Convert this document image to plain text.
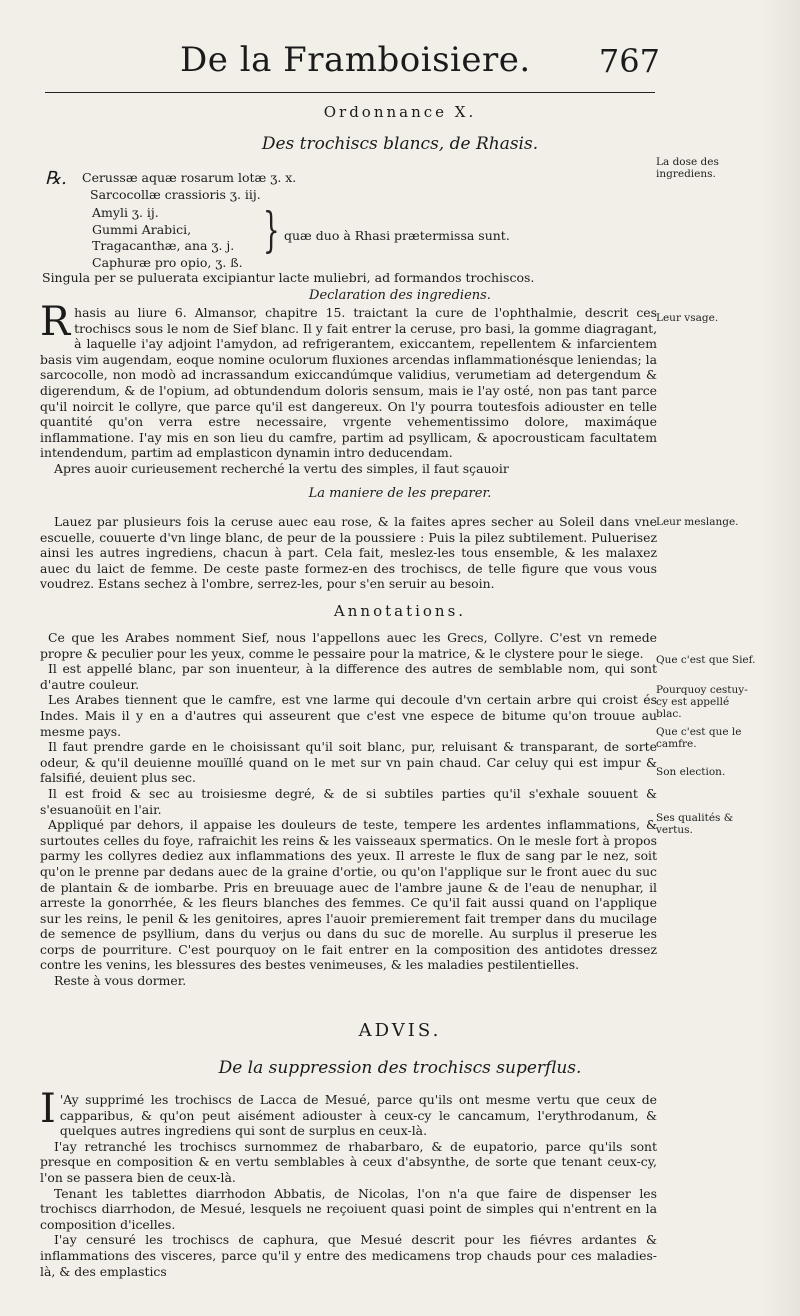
De la Framboisiere. 767
Ordonnance X.
Des trochiscs blancs, de Rhasis.
℞. Cerussæ aquæ rosarum lotæ ʒ. x.
Sarcocollæ crassioris ʒ. iij.
Amyli ʒ. ij.
Gummi Arabici,
Tragacanthæ, ana ʒ. j.
Caphuræ pro opio, ʒ. ß.
} quæ duo à Rhasi prætermissa sunt.
Singula per se puluerata excipiantur lacte muliebri, ad formandos trochiscos.
Declaration des ingrediens.

Rhasis au liure 6. Almansor, chapitre 15. traictant la cure de l'ophthalmie, descrit ces trochiscs sous le nom de Sief blanc. Il y fait entrer la ceruse, pro basi, la gomme diagragant, à laquelle i'ay adjoint l'amydon, ad refrigerantem, exiccantem, repellentem & infarcientem basis vim augendam, eoque nomine oculorum fluxiones arcendas inflammationésque leniendas; la sarcocolle, non modò ad incrassandum exiccandúmque validius, verumetiam ad detergendum & digerendum, & de l'opium, ad obtundendum doloris sensum, mais ie l'ay osté, non pas tant parce qu'il noircit le collyre, que parce qu'il est dangereux. On l'y pourra toutesfois adiouster en telle quantité qu'on verra estre necessaire, vrgente vehementissimo dolore, maximáque inflammatione. I'ay mis en son lieu du camfre, partim ad psyllicam, & apocrousticam facultatem intendendum, partim ad emplasticon dynamin intro deducendam.

Apres auoir curieusement recherché la vertu des simples, il faut sçauoir

La maniere de les preparer.
Lauez par plusieurs fois la ceruse auec eau rose, & la faites apres secher au Soleil dans vne escuelle, couuerte d'vn linge blanc, de peur de la poussiere : Puis la pilez subtilement. Puluerisez ainsi les autres ingrediens, chacun à part. Cela fait, meslez-les tous ensemble, & les malaxez auec du laict de femme. De ceste paste formez-en des trochiscs, de telle figure que vous vous voudrez. Estans sechez à l'ombre, serrez-les, pour s'en seruir au besoin.
Annotations.

Ce que les Arabes nomment Sief, nous l'appellons auec les Grecs, Collyre. C'est vn remede propre & peculier pour les yeux, comme le pessaire pour la matrice, & le clystere pour le siege.

Il est appellé blanc, par son inuenteur, à la difference des autres de semblable nom, qui sont d'autre couleur.

Les Arabes tiennent que le camfre, est vne larme qui decoule d'vn certain arbre qui croist és Indes. Mais il y en a d'autres qui asseurent que c'est vne espece de bitume qu'on trouue au mesme pays.

Il faut prendre garde en le choisissant qu'il soit blanc, pur, reluisant & transparant, de sorte odeur, & qu'il deuienne mouïllé quand on le met sur vn pain chaud. Car celuy qui est impur & falsifié, deuient plus sec.

Il est froid & sec au troisiesme degré, & de si subtiles parties qu'il s'exhale souuent & s'esuanoüit en l'air.

Appliqué par dehors, il appaise les douleurs de teste, tempere les ardentes inflammations, & surtoutes celles du foye, rafraichit les reins & les vaisseaux spermatics. On le mesle fort à propos parmy les collyres dediez aux inflammations des yeux. Il arreste le flux de sang par le nez, soit qu'on le prenne par dedans auec de la graine d'ortie, ou qu'on l'applique sur le front auec du suc de plantain & de iombarbe. Pris en breuuage auec de l'ambre jaune & de l'eau de nenuphar, il arreste la gonorrhée, & les fleurs blanches des femmes. Ce qu'il fait aussi quand on l'applique sur les reins, le penil & les genitoires, apres l'auoir premierement fait tremper dans du mucilage de semence de psyllium, dans du verjus ou dans du suc de morelle. Au surplus il preserue les corps de pourriture. C'est pourquoy on le fait entrer en la composition des antidotes dressez contre les venins, les blessures des bestes venimeuses, & les maladies pestilentielles.

Reste à vous dormer.

ADVIS.
De la suppression des trochiscs superflus.

I 'Ay supprimé les trochiscs de Lacca de Mesué, parce qu'ils ont mesme vertu que ceux de capparibus, & qu'on peut aisément adiouster à ceux-cy le cancamum, l'erythrodanum, & quelques autres ingrediens qui sont de surplus en ceux-là.

I'ay retranché les trochiscs surnommez de rhabarbaro, & de eupatorio, parce qu'ils sont presque en composition & en vertu semblables à ceux d'absynthe, de sorte que tenant ceux-cy, l'on se passera bien de ceux-là.

Tenant les tablettes diarrhodon Abbatis, de Nicolas, l'on n'a que faire de dispenser les trochiscs diarrhodon, de Mesué, lesquels ne reçoiuent quasi point de simples qui n'entrent en la composition d'icelles.

I'ay censuré les trochiscs de caphura, que Mesué descrit pour les fiévres ardantes & inflammations des visceres, parce qu'il y entre des medicamens trop chauds pour ces maladies-là, & des emplastics

La dose des ingrediens.
Leur vsage.
Leur meslange.
Que c'est que Sief.
Pourquoy cestuy-cy est appellé blac.
Que c'est que le camfre.
Son election.
Ses qualités & vertus.
